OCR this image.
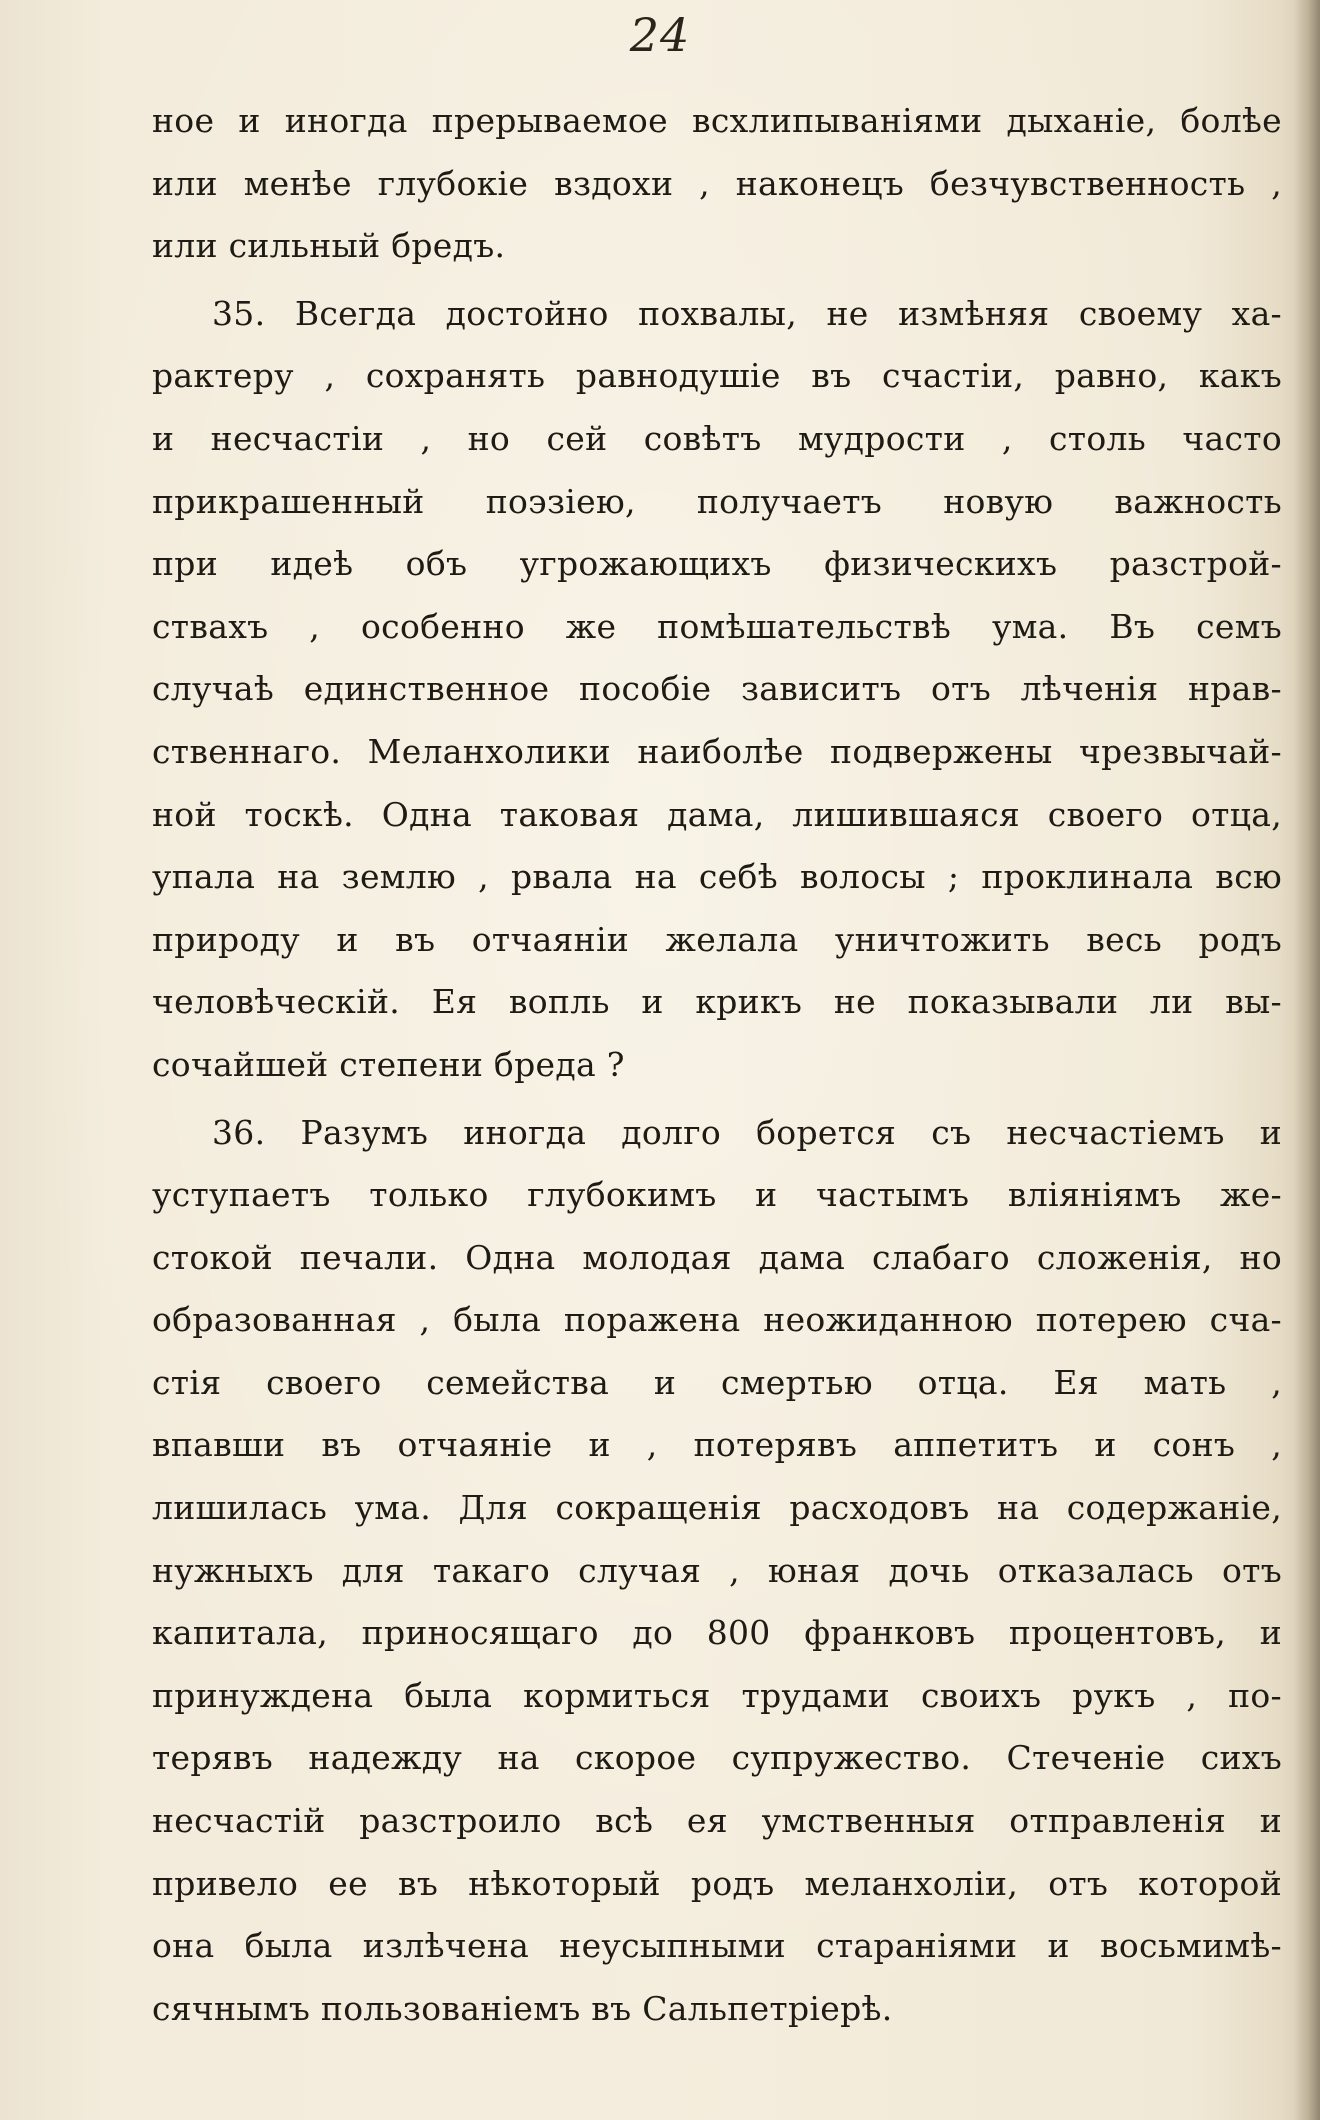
24
ное и иногда прерываемое всхлипываніями дыханіе, болѣе
или менѣе глубокіе вздохи , наконецъ безчувственность ,
или сильный бредъ.
35. Всегда достойно похвалы, не измѣняя своему ха-
рактеру , сохранять равнодушіе въ счастіи, равно, какъ
и несчастіи , но сей совѣтъ мудрости , столь часто
прикрашенный поэзіею, получаетъ новую важность
при идеѣ объ угрожающихъ физическихъ разстрой-
ствахъ , особенно же помѣшательствѣ ума. Въ семъ
случаѣ единственное пособіе зависитъ отъ лѣченія нрав-
ственнаго. Меланхолики наиболѣе подвержены чрезвычай-
ной тоскѣ. Одна таковая дама, лишившаяся своего отца,
упала на землю , рвала на себѣ волосы ; проклинала всю
природу и въ отчаяніи желала уничтожить весь родъ
человѣческій. Ея вопль и крикъ не показывали ли вы-
сочайшей степени бреда ?
36. Разумъ иногда долго борется съ несчастіемъ и
уступаетъ только глубокимъ и частымъ вліяніямъ же-
стокой печали. Одна молодая дама слабаго сложенія, но
образованная , была поражена неожиданною потерею сча-
стія своего семейства и смертью отца. Ея мать ,
впавши въ отчаяніе и , потерявъ аппетитъ и сонъ ,
лишилась ума. Для сокращенія расходовъ на содержаніе,
нужныхъ для такаго случая , юная дочь отказалась отъ
капитала, приносящаго до 800 франковъ процентовъ, и
принуждена была кормиться трудами своихъ рукъ , по-
терявъ надежду на скорое супружество. Стеченіе сихъ
несчастій разстроило всѣ ея умственныя отправленія и
привело ее въ нѣкоторый родъ меланхоліи, отъ которой
она была излѣчена неусыпными стараніями и восьмимѣ-
сячнымъ пользованіемъ въ Сальпетріерѣ.
